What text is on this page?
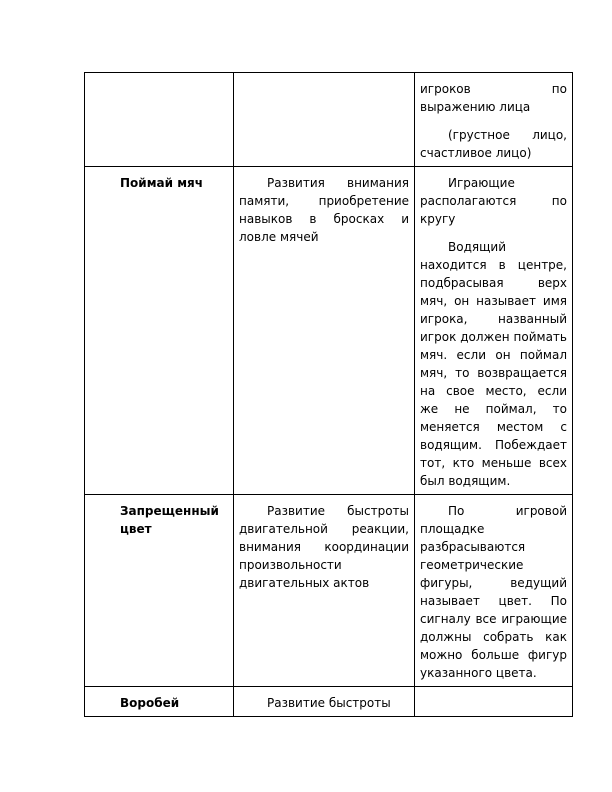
		игроков по выражению лица

(грустное лицо, счастливое лицо)

Поймай мяч	Развития внимания памяти, приобретение навыков в бросках и ловле мячей	Играющие располагаются по кругу

Водящий находится в центре, подбрасывая верх мяч, он называет имя игрока, названный игрок должен поймать мяч. если он поймал мяч, то возвращается на свое место, если же не поймал, то меняется местом с водящим. Побеждает тот, кто меньше всех был водящим.

Запрещенный цвет	Развитие быстроты двигательной реакции, внимания координации произвольности двигательных актов	По игровой площадке разбрасываются геометрические фигуры, ведущий называет цвет. По сигналу все играющие должны собрать как можно больше фигур указанного цвета.

Воробей	Развитие быстроты	
